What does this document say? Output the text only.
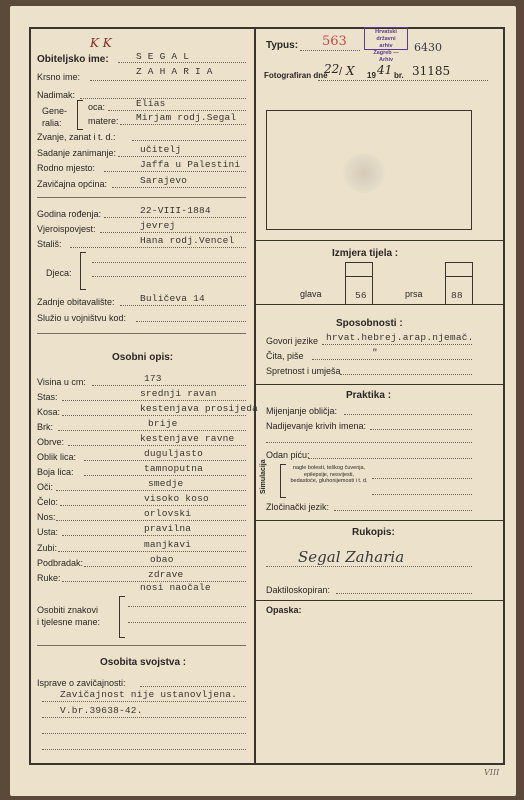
Obiteljsko ime:
K K
S E G A L
Krsno ime:	Z A H A R I A
Nadimak:
Gene-
ralia:
oca:	Elias
matere: Mirjam rodj.Segal
Zvanje, zanat i t. d.:
Sadanje zanimanje:	učitelj
Rodno mjesto:	Jaffa u Palestini
Zavičajna općina:	Sarajevo
Godina rođenja:	22-VIII-1884
Vjeroispovjest:	jevrej
Stališ:	Hana rodj.Vencel
Djeca:
Zadnje obitavalište:	Buličeva 14
Služio u vojništvu kod:
Osobni opis:
Visina u cm:	173
Stas:	srednji ravan
Kosa:	kestenjava prosijeda
Brk:	brije
Obrve:	kestenjave ravne
Oblik lica:	duguljasto
Boja lica:	tamnoputna
Oči:	smedje
Čelo:	visoko koso
Nos:	orlovski
Usta:	pravilna
Zubi:	manjkavi
Podbradak:	obao
Ruke:	zdrave
nosi naočale
Osobiti znakovi
i tjelesne mane:
Osobita svojstva :
Isprave o zavičajnosti:
Zavičajnost nije ustanovljena.
V.br.39638-42.
Typus: 563
Hrvatski državni
arhiv
Zagreb — Arhiv
6430
Fotografiran dne
22 / X 19 41 br. 31185
Izmjera tijela :
glava	56	prsa	88
Sposobnosti :
Govori jezike hrvat.hebrej.arap.njemač.
Čita, piše	"
Spretnost i umješa
Praktika :
Mijenjanje obličja:
Nadijevanje krivih imena:
Odan piću:
Simulacija	nagle bolesti, teškog čuvenja, epilepsije, nesvijesti, bedastoće, gluhonijemosti i t. d.
Zločinački jezik:
Rukopis:
Segal Zaharia
Daktiloskopiran:
Opaska:
VIII
